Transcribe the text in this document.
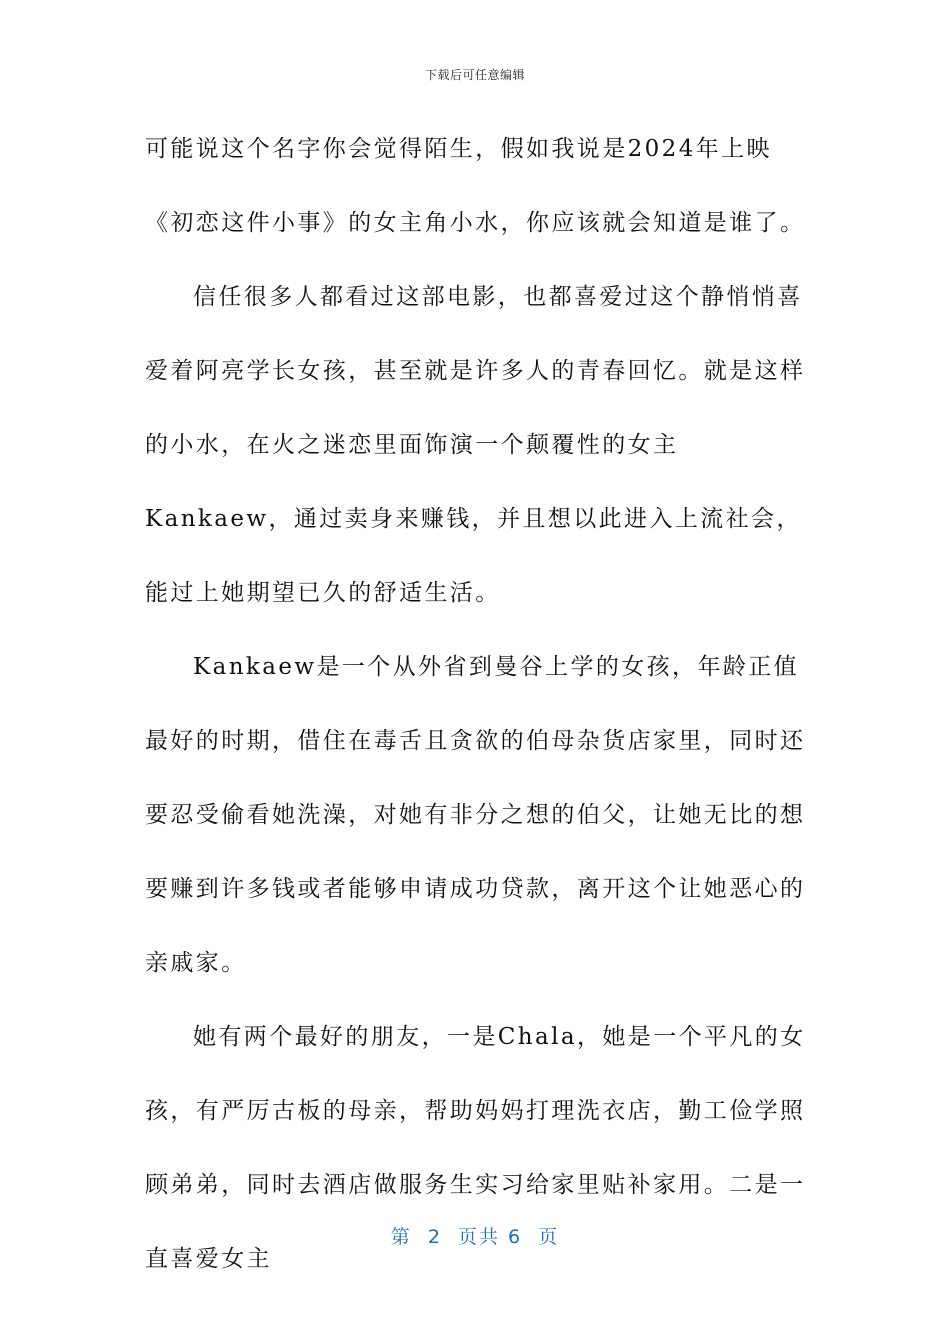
下载后可任意编辑

可能说这个名字你会觉得陌生，假如我说是2024年上映《初恋这件小事》的女主角小水，你应该就会知道是谁了。

信任很多人都看过这部电影，也都喜爱过这个静悄悄喜爱着阿亮学长女孩，甚至就是许多人的青春回忆。就是这样的小水，在火之迷恋里面饰演一个颠覆性的女主Kankaew，通过卖身来赚钱，并且想以此进入上流社会，能过上她期望已久的舒适生活。

Kankaew是一个从外省到曼谷上学的女孩，年龄正值最好的时期，借住在毒舌且贪欲的伯母杂货店家里，同时还要忍受偷看她洗澡，对她有非分之想的伯父，让她无比的想要赚到许多钱或者能够申请成功贷款，离开这个让她恶心的亲戚家。

她有两个最好的朋友，一是Chala，她是一个平凡的女孩，有严厉古板的母亲，帮助妈妈打理洗衣店，勤工俭学照顾弟弟，同时去酒店做服务生实习给家里贴补家用。二是一直喜爱女主

第  2  页共 6  页
